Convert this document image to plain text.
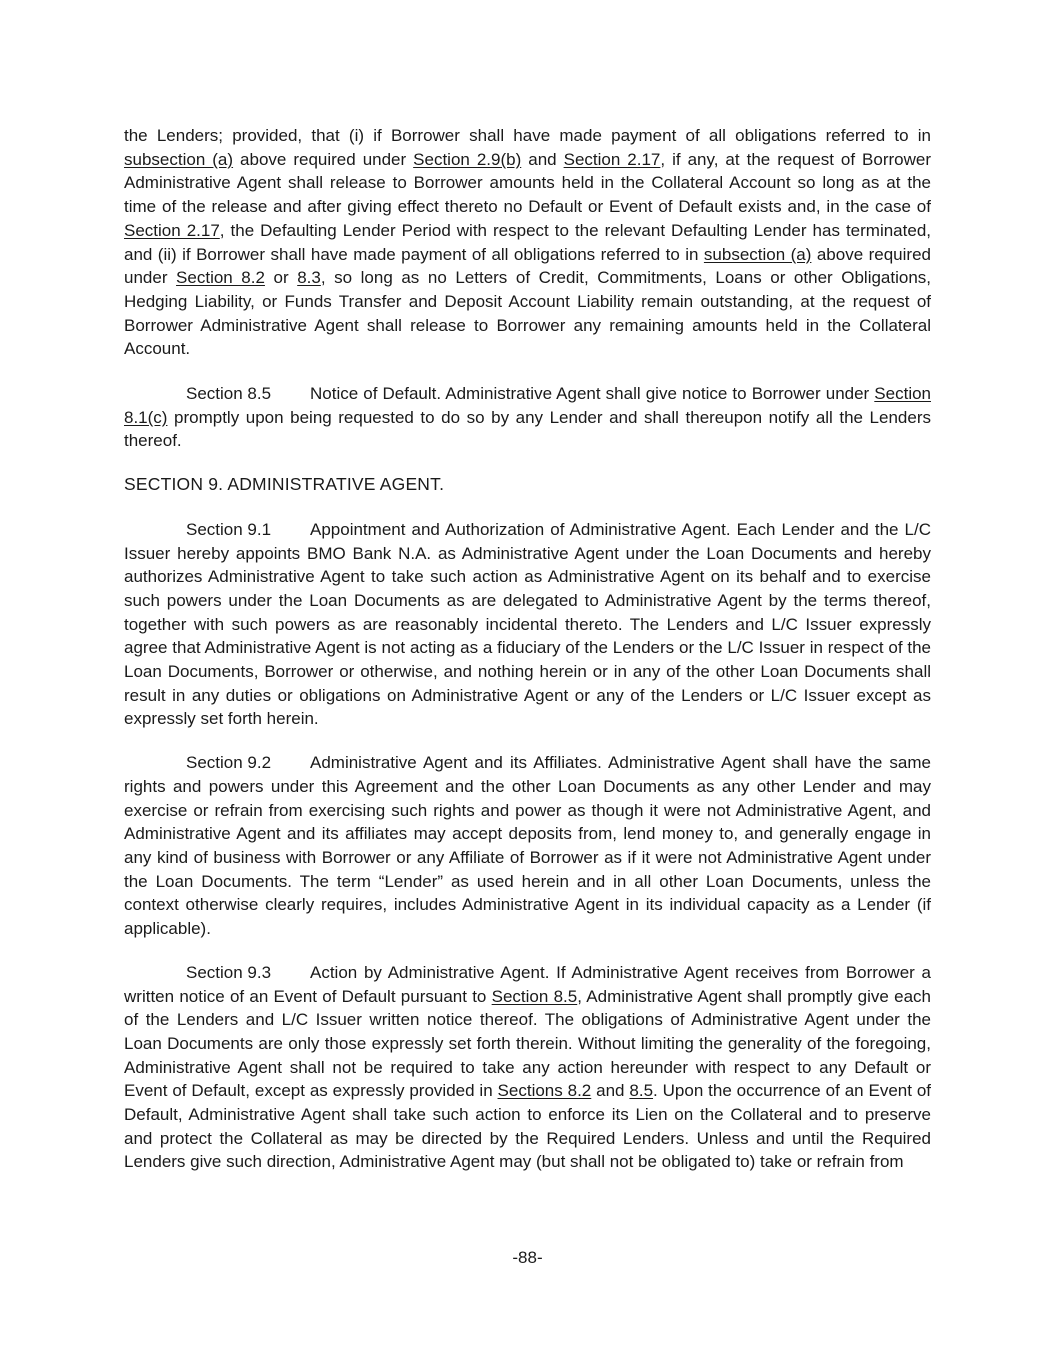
the Lenders; provided, that (i) if Borrower shall have made payment of all obligations referred to in subsection (a) above required under Section 2.9(b) and Section 2.17, if any, at the request of Borrower Administrative Agent shall release to Borrower amounts held in the Collateral Account so long as at the time of the release and after giving effect thereto no Default or Event of Default exists and, in the case of Section 2.17, the Defaulting Lender Period with respect to the relevant Defaulting Lender has terminated, and (ii) if Borrower shall have made payment of all obligations referred to in subsection (a) above required under Section 8.2 or 8.3, so long as no Letters of Credit, Commitments, Loans or other Obligations, Hedging Liability, or Funds Transfer and Deposit Account Liability remain outstanding, at the request of Borrower Administrative Agent shall release to Borrower any remaining amounts held in the Collateral Account.

Section 8.5 Notice of Default. Administrative Agent shall give notice to Borrower under Section 8.1(c) promptly upon being requested to do so by any Lender and shall thereupon notify all the Lenders thereof.

SECTION 9. ADMINISTRATIVE AGENT.

Section 9.1 Appointment and Authorization of Administrative Agent. Each Lender and the L/C Issuer hereby appoints BMO Bank N.A. as Administrative Agent under the Loan Documents and hereby authorizes Administrative Agent to take such action as Administrative Agent on its behalf and to exercise such powers under the Loan Documents as are delegated to Administrative Agent by the terms thereof, together with such powers as are reasonably incidental thereto. The Lenders and L/C Issuer expressly agree that Administrative Agent is not acting as a fiduciary of the Lenders or the L/C Issuer in respect of the Loan Documents, Borrower or otherwise, and nothing herein or in any of the other Loan Documents shall result in any duties or obligations on Administrative Agent or any of the Lenders or L/C Issuer except as expressly set forth herein.

Section 9.2 Administrative Agent and its Affiliates. Administrative Agent shall have the same rights and powers under this Agreement and the other Loan Documents as any other Lender and may exercise or refrain from exercising such rights and power as though it were not Administrative Agent, and Administrative Agent and its affiliates may accept deposits from, lend money to, and generally engage in any kind of business with Borrower or any Affiliate of Borrower as if it were not Administrative Agent under the Loan Documents. The term “Lender” as used herein and in all other Loan Documents, unless the context otherwise clearly requires, includes Administrative Agent in its individual capacity as a Lender (if applicable).

Section 9.3 Action by Administrative Agent. If Administrative Agent receives from Borrower a written notice of an Event of Default pursuant to Section 8.5, Administrative Agent shall promptly give each of the Lenders and L/C Issuer written notice thereof. The obligations of Administrative Agent under the Loan Documents are only those expressly set forth therein. Without limiting the generality of the foregoing, Administrative Agent shall not be required to take any action hereunder with respect to any Default or Event of Default, except as expressly provided in Sections 8.2 and 8.5. Upon the occurrence of an Event of Default, Administrative Agent shall take such action to enforce its Lien on the Collateral and to preserve and protect the Collateral as may be directed by the Required Lenders. Unless and until the Required Lenders give such direction, Administrative Agent may (but shall not be obligated to) take or refrain from

-88-
